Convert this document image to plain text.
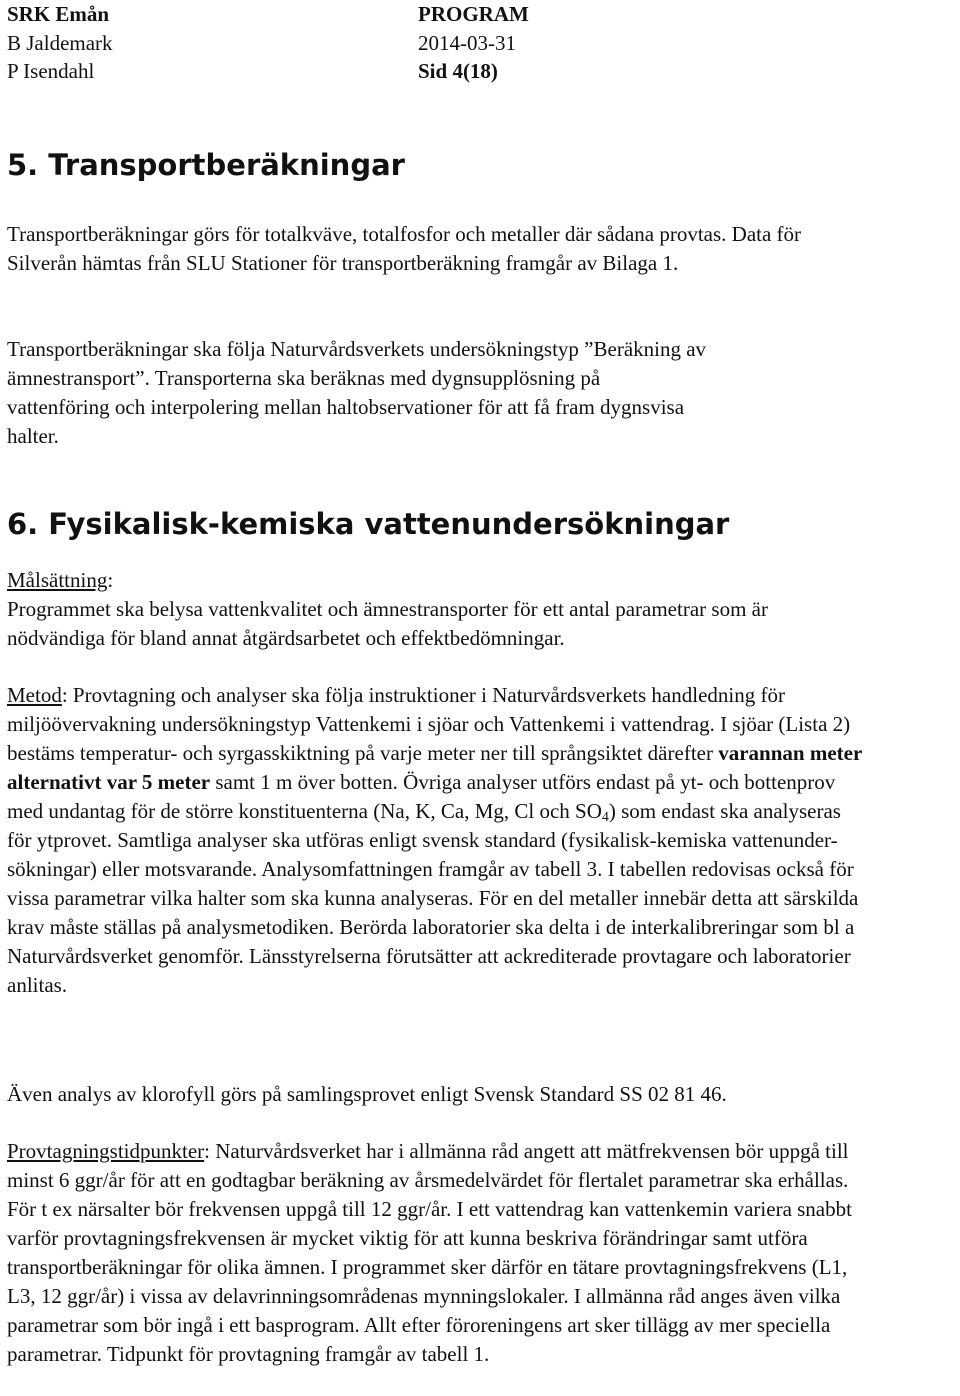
SRK Emån	PROGRAM
B Jaldemark	2014-03-31
P Isendahl	Sid 4(18)
5. Transportberäkningar
Transportberäkningar görs för totalkväve, totalfosfor och metaller där sådana provtas. Data för Silverån hämtas från SLU Stationer för transportberäkning framgår av Bilaga 1.
Transportberäkningar ska följa Naturvårdsverkets undersökningstyp ”Beräkning av ämnestransport”. Transporterna ska beräknas med dygnsupplösning på vattenföring och interpolering mellan haltobservationer för att få fram dygnsvisa halter.
6. Fysikalisk-kemiska vattenundersökningar
Målsättning:
Programmet ska belysa vattenkvalitet och ämnestransporter för ett antal parametrar som är nödvändiga för bland annat åtgärdsarbetet och effektbedömningar.
Metod: Provtagning och analyser ska följa instruktioner i Naturvårdsverkets handledning för miljöövervakning undersökningstyp Vattenkemi i sjöar och Vattenkemi i vattendrag. I sjöar (Lista 2) bestäms temperatur- och syrgasskiktning på varje meter ner till språngsiktet därefter varannan meter alternativt var 5 meter samt 1 m över botten. Övriga analyser utförs endast på yt- och bottenprov med undantag för de större konstituenterna (Na, K, Ca, Mg, Cl och $SO_4$) som endast ska analyseras för ytprovet. Samtliga analyser ska utföras enligt svensk standard (fysikalisk-kemiska vattenunder-sökningar) eller motsvarande. Analysomfattningen framgår av tabell 3. I tabellen redovisas också för vissa parametrar vilka halter som ska kunna analyseras. För en del metaller innebär detta att särskilda krav måste ställas på analysmetodiken. Berörda laboratorier ska delta i de interkalibreringar som bl a Naturvårdsverket genomför. Länsstyrelserna förutsätter att ackrediterade provtagare och laboratorier anlitas.
Även analys av klorofyll görs på samlingsprovet enligt Svensk Standard SS 02 81 46.
Provtagningstidpunkter: Naturvårdsverket har i allmänna råd angett att mätfrekvensen bör uppgå till minst 6 ggr/år för att en godtagbar beräkning av årsmedelvärdet för flertalet parametrar ska erhållas. För t ex närsalter bör frekvensen uppgå till 12 ggr/år. I ett vattendrag kan vattenkemin variera snabbt varför provtagningsfrekvensen är mycket viktig för att kunna beskriva förändringar samt utföra transportberäkningar för olika ämnen. I programmet sker därför en tätare provtagningsfrekvens (L1, L3, 12 ggr/år) i vissa av delavrinningsområdenas mynningslokaler. I allmänna råd anges även vilka parametrar som bör ingå i ett basprogram. Allt efter föroreningens art sker tillägg av mer speciella parametrar. Tidpunkt för provtagning framgår av tabell 1.
